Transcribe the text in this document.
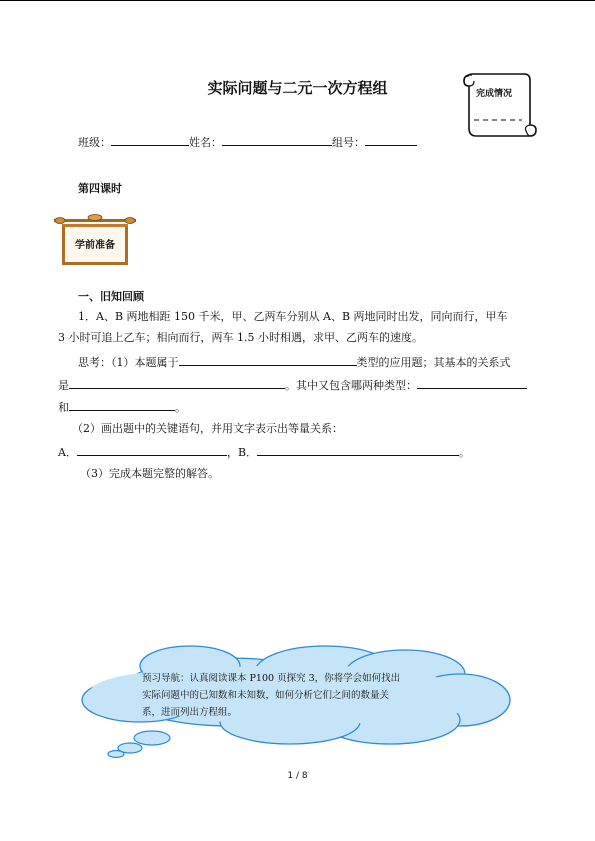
实际问题与二元一次方程组	完成情况
班级：	姓名：	组号：
第四课时
学前准备
一、旧知回顾
1．A、B 两地相距 150 千米，甲、乙两车分别从 A、B 两地同时出发，同向而行，甲车
3 小时可追上乙车；相向而行，两车 1.5 小时相遇，求甲、乙两车的速度。
思考：（1）本题属于	类型的应用题；其基本的关系式
是	。其中又包含哪两种类型：
和	。
（2）画出题中的关键语句，并用文字表示出等量关系：
A．	，B．	。
（3）完成本题完整的解答。
预习导航：认真阅读课本 P100 页探究 3，你将学会如何找出
实际问题中的已知数和未知数，如何分析它们之间的数量关
系，进而列出方程组。
1 / 8
